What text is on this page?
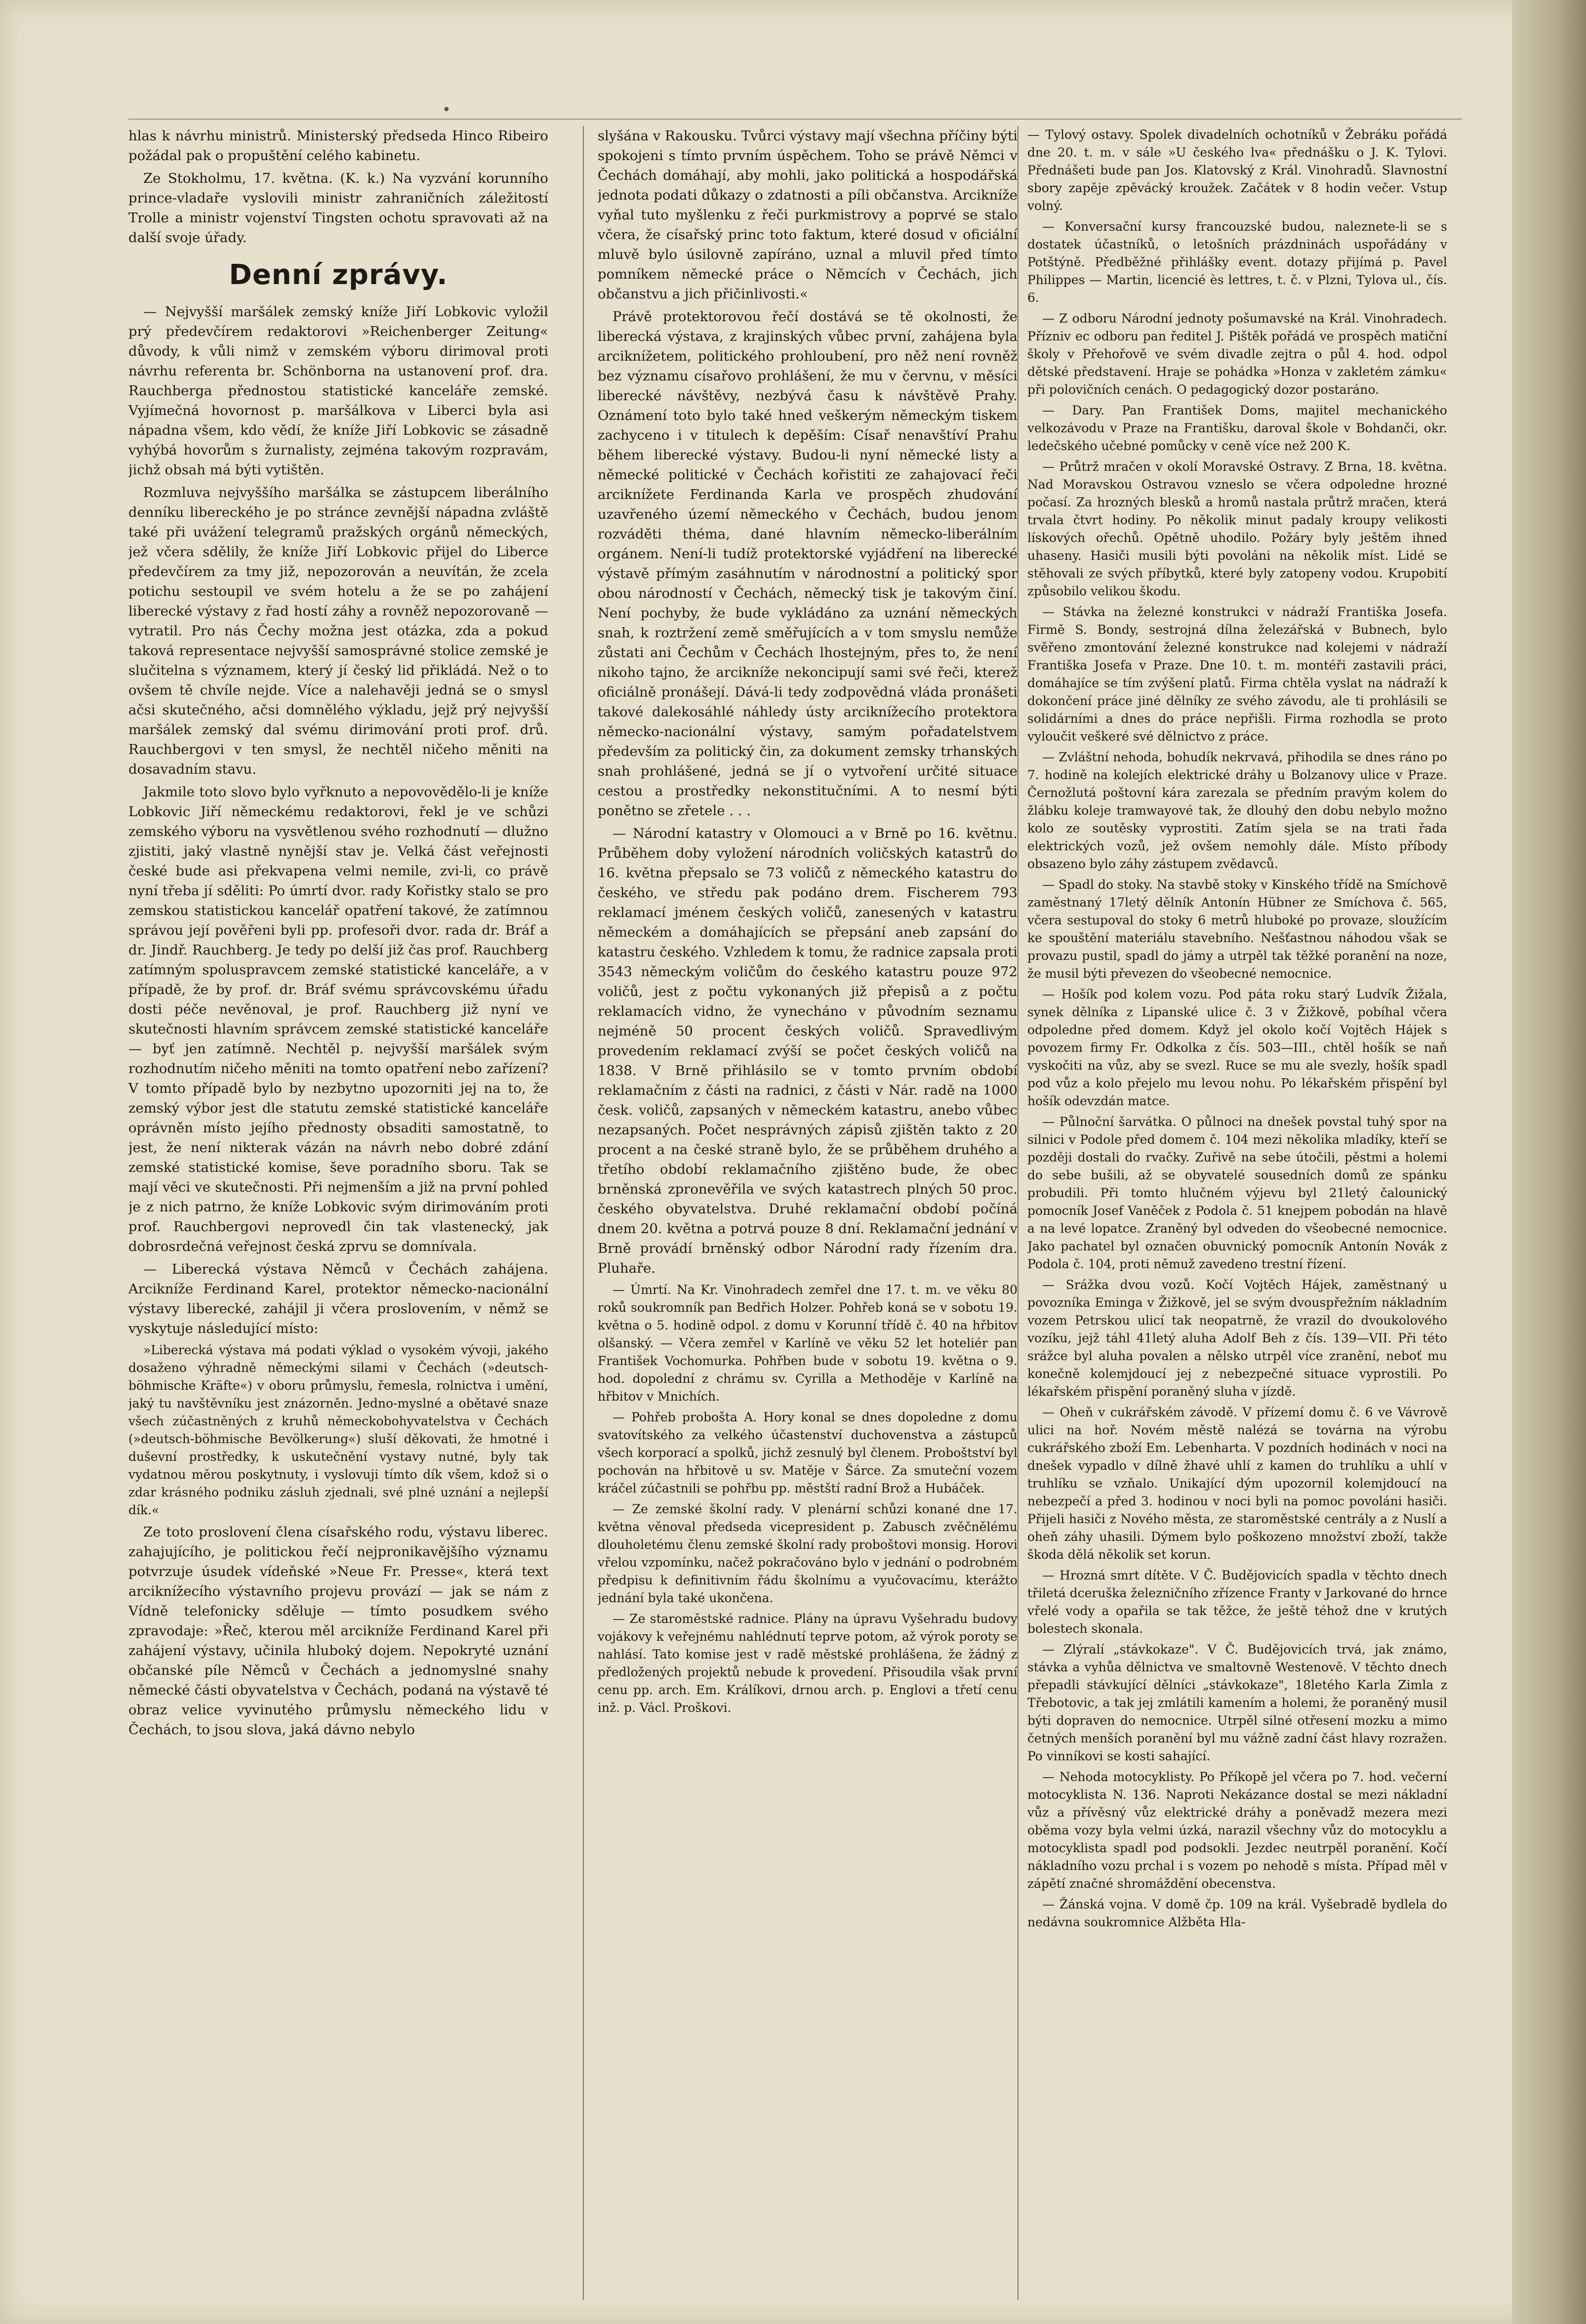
•

hlas k návrhu ministrů. Ministerský předseda Hinco Ribeiro požádal pak o propuštění celého kabinetu.

Ze Stokholmu, 17. května. (K. k.) Na vyzvání korunního prince-vladaře vyslovili ministr zahraničních záležitostí Trolle a ministr vojenství Tingsten ochotu spravovati až na další svoje úřady.

Denní zprávy.

— Nejvyšší maršálek zemský kníže Jiří Lobkovic vyložil prý předevčírem redaktorovi »Reichenberger Zeitung« důvody, k vůli nimž v zemském výboru dirimoval proti návrhu referenta br. Schönborna na ustanovení prof. dra. Rauchberga přednostou statistické kanceláře zemské. Vyjímečná hovornost p. maršálkova v Liberci byla asi nápadna všem, kdo vědí, že kníže Jiří Lobkovic se zásadně vyhýbá hovorům s žurnalisty, zejména takovým rozpravám, jichž obsah má býti vytištěn.

Rozmluva nejvyššího maršálka se zástupcem liberálního denníku libereckého je po stránce zevnější nápadna zvláště také při uvážení telegramů pražských orgánů německých, jež včera sdělily, že kníže Jiří Lobkovic přijel do Liberce předevčírem za tmy již, nepozorován a neuvítán, že zcela potichu sestoupil ve svém hotelu a že se po zahájení liberecké výstavy z řad hostí záhy a rovněž nepozorovaně — vytratil. Pro nás Čechy možna jest otázka, zda a pokud taková representace nejvyšší samosprávné stolice zemské je slučitelna s významem, který jí český lid přikládá. Než o to ovšem tě chvíle nejde. Více a nalehavěji jedná se o smysl ačsi skutečného, ačsi domnělého výkladu, jejž prý nejvyšší maršálek zemský dal svému dirimování proti prof. drů. Rauchbergovi v ten smysl, že nechtěl ničeho měniti na dosavadním stavu.

Jakmile toto slovo bylo vyřknuto a nepovovědělo-li je kníže Lobkovic Jiří německému redaktorovi, řekl je ve schůzi zemského výboru na vysvětlenou svého rozhodnutí — dlužno zjistiti, jaký vlastně nynější stav je. Velká část veřejnosti české bude asi překvapena velmi nemile, zvi-li, co právě nyní třeba jí sděliti: Po úmrtí dvor. rady Kořistky stalo se pro zemskou statistickou kancelář opatření takové, že zatímnou správou její pověřeni byli pp. profesoři dvor. rada dr. Bráf a dr. Jindř. Rauchberg. Je tedy po delší již čas prof. Rauchberg zatímným spoluspravcem zemské statistické kanceláře, a v případě, že by prof. dr. Bráf svému správcovskému úřadu dosti péče nevěnoval, je prof. Rauchberg již nyní ve skutečnosti hlavním správcem zemské statistické kanceláře — byť jen zatímně. Nechtěl p. nejvyšší maršálek svým rozhodnutím ničeho měniti na tomto opatření nebo zařízení? V tomto případě bylo by nezbytno upozorniti jej na to, že zemský výbor jest dle statutu zemské statistické kanceláře oprávněn místo jejího přednosty obsaditi samostatně, to jest, že není nikterak vázán na návrh nebo dobré zdání zemské statistické komise, ševe poradního sboru. Tak se mají věci ve skutečnosti. Při nejmenším a již na první pohled je z nich patrno, že kníže Lobkovic svým dirimováním proti prof. Rauchbergovi neprovedl čin tak vlastenecký, jak dobrosrdečná veřejnost česká zprvu se domnívala.

— Liberecká výstava Němců v Čechách zahájena. Arcikníže Ferdinand Karel, protektor německo-nacionální výstavy liberecké, zahájil ji včera proslovením, v němž se vyskytuje následující místo:

»Liberecká výstava má podati výklad o vysokém vývoji, jakého dosaženo výhradně německými silami v Čechách (»deutsch-böhmische Kräfte«) v oboru průmyslu, řemesla, rolnictva i umění, jaký tu navštěvníku jest znázorněn. Jedno-myslné a obětavé snaze všech zúčastněných z kruhů německobohyvatelstva v Čechách (»deutsch-böhmische Bevölkerung«) sluší děkovati, že hmotné i duševní prostředky, k uskutečnění vystavy nutné, byly tak vydatnou měrou poskytnuty, i vyslovuji tímto dík všem, kdož si o zdar krásného podniku zásluh zjednali, své plné uznání a nejlepší dík.«

Ze toto proslovení člena císařského rodu, výstavu liberec. zahajujícího, je politickou řečí nejpronikavějšího významu potvrzuje úsudek vídeňské »Neue Fr. Presse«, která text arciknížecího výstavního projevu provází — jak se nám z Vídně telefonicky sděluje — tímto posudkem svého zpravodaje: »Řeč, kterou měl arcikníže Ferdinand Karel při zahájení výstavy, učinila hluboký dojem. Nepokryté uznání občanské píle Němců v Čechách a jednomyslné snahy německé části obyvatelstva v Čechách, podaná na výstavě té obraz velice vyvinutého průmyslu německého lidu v Čechách, to jsou slova, jaká dávno nebylo

slyšána v Rakousku. Tvůrci výstavy mají všechna příčiny býti spokojeni s tímto prvním úspěchem. Toho se právě Němci v Čechách domáhají, aby mohli, jako politická a hospodářská jednota podati důkazy o zdatnosti a píli občanstva. Arcikníže vyňal tuto myšlenku z řeči purkmistrovy a poprvé se stalo včera, že císařský princ toto faktum, které dosud v oficiální mluvě bylo úsilovně zapíráno, uznal a mluvil před tímto pomníkem německé práce o Němcích v Čechách, jich občanstvu a jich přičinlivosti.«

Právě protektorovou řečí dostává se tě okolnosti, že liberecká výstava, z krajinských vůbec první, zahájena byla arciknížetem, politického prohloubení, pro něž není rovněž bez významu císařovo prohlášení, že mu v červnu, v měsíci liberecké návštěvy, nezbývá času k návštěvě Prahy. Oznámení toto bylo také hned veškerým německým tiskem zachyceno i v titulech k depěším: Císař nenavštíví Prahu během liberecké výstavy. Budou-li nyní německé listy a německé politické v Čechách kořistiti ze zahajovací řeči arciknížete Ferdinanda Karla ve prospěch zhudování uzavřeného území německého v Čechách, budou jenom rozváděti théma, dané hlavním německo-liberálním orgánem. Není-li tudíž protektorské vyjádření na liberecké výstavě přímým zasáhnutím v národnostní a politický spor obou národností v Čechách, německý tisk je takovým činí. Není pochyby, že bude vykládáno za uznání německých snah, k roztržení země směřujících a v tom smyslu nemůže zůstati ani Čechům v Čechách lhostejným, přes to, že není nikoho tajno, že arcikníže nekoncipují sami své řeči, kterež oficiálně pronášejí. Dává-li tedy zodpovědná vláda pronášeti takové dalekosáhlé náhledy ústy arciknížecího protektora německo-nacionální výstavy, samým pořadatelstvem především za politický čin, za dokument zemsky trhanských snah prohlášené, jedná se jí o vytvoření určité situace cestou a prostředky nekonstitučními. A to nesmí býti ponětno se zřetele . . .

— Národní katastry v Olomouci a v Brně po 16. květnu. Průběhem doby vyložení národních voličských katastrů do 16. května přepsalo se 73 voličů z německého katastru do českého, ve středu pak podáno drem. Fischerem 793 reklamací jménem českých voličů, zanesených v katastru německém a domáhajících se přepsání aneb zapsání do katastru českého. Vzhledem k tomu, že radnice zapsala proti 3543 německým voličům do českého katastru pouze 972 voličů, jest z počtu vykonaných již přepisů a z počtu reklamacích vidno, že vynecháno v původním seznamu nejméně 50 procent českých voličů. Spravedlivým provedením reklamací zvýší se počet českých voličů na 1838. V Brně přihlásilo se v tomto prvním období reklamačním z části na radnici, z části v Nár. radě na 1000 česk. voličů, zapsaných v německém katastru, anebo vůbec nezapsaných. Počet nesprávných zápisů zjištěn takto z 20 procent a na české straně bylo, že se průběhem druhého a třetího období reklamačního zjištěno bude, že obec brněnská zpronevěřila ve svých katastrech plných 50 proc. českého obyvatelstva. Druhé reklamační období počíná dnem 20. května a potrvá pouze 8 dní. Reklamační jednání v Brně provádí brněnský odbor Národní rady řízením dra. Pluhaře.

— Úmrtí. Na Kr. Vinohradech zemřel dne 17. t. m. ve věku 80 roků soukromník pan Bedřich Holzer. Pohřeb koná se v sobotu 19. května o 5. hodině odpol. z domu v Korunní třídě č. 40 na hřbitov olšanský. — Včera zemřel v Karlíně ve věku 52 let hoteliér pan František Vochomurka. Pohřben bude v sobotu 19. května o 9. hod. dopolední z chrámu sv. Cyrilla a Methoděje v Karlíně na hřbitov v Mnichích.

— Pohřeb probošta A. Hory konal se dnes dopoledne z domu svatovítského za velkého účastenství duchovenstva a zástupců všech korporací a spolků, jichž zesnulý byl členem. Proboštství byl pochován na hřbitově u sv. Matěje v Šárce. Za smuteční vozem kráčel zúčastnili se pohřbu pp. městští radní Brož a Hubáček.

— Ze zemské školní rady. V plenární schůzi konané dne 17. května věnoval předseda vicepresident p. Zabusch zvěčnělému dlouholetému členu zemské školní rady proboštovi monsig. Horovi vřelou vzpomínku, načež pokračováno bylo v jednání o podrobném předpisu k definitivním řádu školnímu a vyučovacímu, kterážto jednání byla také ukončena.

— Ze staroměstské radnice. Plány na úpravu Vyšehradu budovy vojákovy k veřejnému nahlédnutí teprve potom, až výrok poroty se nahlásí. Tato komise jest v radě městské prohlášena, že žádný z předložených projektů nebude k provedení. Přisoudila však první cenu pp. arch. Em. Králíkovi, drnou arch. p. Englovi a třetí cenu inž. p. Václ. Proškovi.

— Tylový ostavy. Spolek divadelních ochotníků v Žebráku pořádá dne 20. t. m. v sále »U českého lva« přednášku o J. K. Tylovi. Přednášeti bude pan Jos. Klatovský z Král. Vinohradů. Slavnostní sbory zapěje zpěvácký kroužek. Začátek v 8 hodin večer. Vstup volný.

— Konversační kursy francouzské budou, naleznete-li se s dostatek účastníků, o letošních prázdninách uspořádány v Potštýně. Předběžné přihlášky event. dotazy přijímá p. Pavel Philippes — Martin, licencié ès lettres, t. č. v Plzni, Tylova ul., čís. 6.

— Z odboru Národní jednoty pošumavské na Král. Vinohradech. Přízniv ec odboru pan ředitel J. Pištěk pořádá ve prospěch matiční školy v Přehořově ve svém divadle zejtra o půl 4. hod. odpol dětské představení. Hraje se pohádka »Honza v zakletém zámku« při polovičních cenách. O pedagogický dozor postaráno.

— Dary. Pan František Doms, majitel mechanického velkozávodu v Praze na Františku, daroval škole v Bohdanči, okr. ledečského učebné pomůcky v ceně více než 200 K.

— Průtrž mračen v okolí Moravské Ostravy. Z Brna, 18. května. Nad Moravskou Ostravou vzneslo se včera odpoledne hrozné počasí. Za hrozných blesků a hromů nastala průtrž mračen, která trvala čtvrt hodiny. Po několik minut padaly kroupy velikosti lískových ořechů. Opětně uhodilo. Požáry byly ještěm ihned uhaseny. Hasiči musili býti povoláni na několik míst. Lidé se stěhovali ze svých příbytků, které byly zatopeny vodou. Krupobití způsobilo velikou škodu.

— Stávka na železné konstrukci v nádraží Františka Josefa. Firmě S. Bondy, sestrojná dílna železářská v Bubnech, bylo svěřeno zmontování železné konstrukce nad kolejemi v nádraží Františka Josefa v Praze. Dne 10. t. m. montéři zastavili práci, domáhajíce se tím zvýšení platů. Firma chtěla vyslat na nádraží k dokončení práce jiné dělníky ze svého závodu, ale ti prohlásili se solidárními a dnes do práce nepřišli. Firma rozhodla se proto vyloučit veškeré své dělnictvo z práce.

— Zvláštní nehoda, bohudík nekrvavá, přihodila se dnes ráno po 7. hodině na kolejích elektrické dráhy u Bolzanovy ulice v Praze. Černožlutá poštovní kára zarezala se předním pravým kolem do žlábku koleje tramwayové tak, že dlouhý den dobu nebylo možno kolo ze soutěsky vyprostiti. Zatím sjela se na trati řada elektrických vozů, jež ovšem nemohly dále. Místo příbody obsazeno bylo záhy zástupem zvědavců.

— Spadl do stoky. Na stavbě stoky v Kinského třídě na Smíchově zaměstnaný 17letý dělník Antonín Hübner ze Smíchova č. 565, včera sestupoval do stoky 6 metrů hluboké po provaze, sloužícím ke spouštění materiálu stavebního. Nešťastnou náhodou však se provazu pustil, spadl do jámy a utrpěl tak těžké poranění na noze, že musil býti převezen do všeobecné nemocnice.

— Hošík pod kolem vozu. Pod páta roku starý Ludvík Žižala, synek dělníka z Lipanské ulice č. 3 v Žižkově, pobíhal včera odpoledne před domem. Když jel okolo kočí Vojtěch Hájek s povozem firmy Fr. Odkolka z čís. 503—III., chtěl hošík se naň vyskočiti na vůz, aby se svezl. Ruce se mu ale svezly, hošík spadl pod vůz a kolo přejelo mu levou nohu. Po lékařském přispění byl hošík odevzdán matce.

— Půlnoční šarvátka. O půlnoci na dnešek povstal tuhý spor na silnici v Podole před domem č. 104 mezi několika mladíky, kteří se později dostali do rvačky. Zuřivě na sebe útočili, pěstmi a holemi do sebe bušili, až se obyvatelé sousedních domů ze spánku probudili. Při tomto hlučném výjevu byl 21letý čalounický pomocník Josef Vaněček z Podola č. 51 knejpem pobodán na hlavě a na levé lopatce. Zraněný byl odveden do všeobecné nemocnice. Jako pachatel byl označen obuvnický pomocník Antonín Novák z Podola č. 104, proti němuž zavedeno trestní řízení.

— Srážka dvou vozů. Kočí Vojtěch Hájek, zaměstnaný u povozníka Eminga v Žižkově, jel se svým dvouspřežním nákladním vozem Petrskou ulicí tak neopatrně, že vrazil do dvoukolového vozíku, jejž táhl 41letý aluha Adolf Beh z čís. 139—VII. Při této srážce byl aluha povalen a nělsko utrpěl více zranění, neboť mu konečně kolemjdoucí jej z nebezpečné situace vyprostili. Po lékařském přispění poraněný sluha v jízdě.

— Oheň v cukrářském závodě. V přízemí domu č. 6 ve Vávrově ulici na hoř. Novém městě nalézá se továrna na výrobu cukrářského zboží Em. Lebenharta. V pozdních hodinách v noci na dnešek vypadlo v dílně žhavé uhlí z kamen do truhlíku a uhlí v truhlíku se vzňalo. Unikající dým upozornil kolemjdoucí na nebezpečí a před 3. hodinou v noci byli na pomoc povoláni hasiči. Přijeli hasiči z Nového města, ze staroměstské centrály a z Nuslí a oheň záhy uhasili. Dýmem bylo poškozeno množství zboží, takže škoda dělá několik set korun.

— Hrozná smrt dítěte. V Č. Budějovicích spadla v těchto dnech třiletá dceruška železničního zřízence Franty v Jarkované do hrnce vřelé vody a opařila se tak těžce, že ještě téhož dne v krutých bolestech skonala.

— Zlýralí „stávkokaze". V Č. Budějovicích trvá, jak známo, stávka a vyhůa dělnictva ve smaltovně Westenově. V těchto dnech přepadli stávkující dělníci „stávkokaze", 18letého Karla Zimla z Třebotovic, a tak jej zmlátili kamením a holemi, že poraněný musil býti dopraven do nemocnice. Utrpěl silné otřesení mozku a mimo četných menších poranění byl mu vážně zadní část hlavy rozražen. Po vinníkovi se kosti sahající.

— Nehoda motocyklisty. Po Příkopě jel včera po 7. hod. večerní motocyklista N. 136. Naproti Nekázance dostal se mezi nákladní vůz a přívěsný vůz elektrické dráhy a poněvadž mezera mezi oběma vozy byla velmi úzká, narazil všechny vůz do motocyklu a motocyklista spadl pod podsokli. Jezdec neutrpěl poranění. Kočí nákladního vozu prchal i s vozem po nehodě s místa. Případ měl v zápětí značné shromáždění obecenstva.

— Žánská vojna. V domě čp. 109 na král. Vyšebradě bydlela do nedávna soukromnice Alžběta Hla-
